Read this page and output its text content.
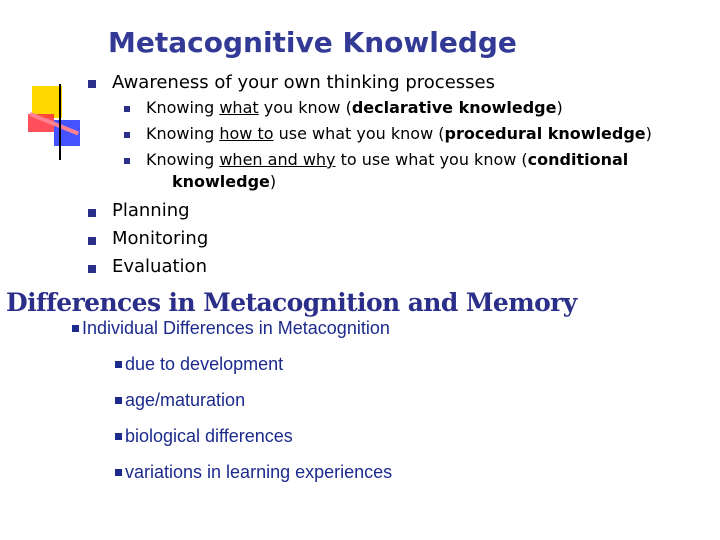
Metacognitive Knowledge
Awareness of your own thinking processes
Knowing what you know (declarative knowledge)
Knowing how to use what you know (procedural knowledge)
Knowing when and why to use what you know (conditional
knowledge)
Planning
Monitoring
Evaluation
Differences in Metacognition and Memory
Individual Differences in Metacognition
due to development
age/maturation
biological differences
variations in learning experiences
